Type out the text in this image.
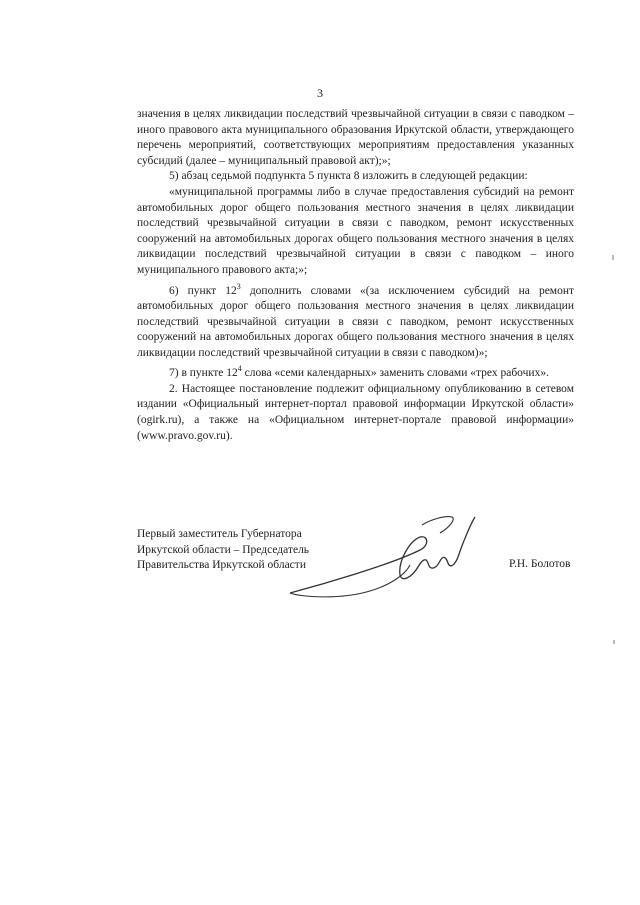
3

значения в целях ликвидации последствий чрезвычайной ситуации в связи с паводком – иного правового акта муниципального образования Иркутской области, утверждающего перечень мероприятий, соответствующих мероприятиям предоставления указанных субсидий (далее – муниципальный правовой акт);»;

5) абзац седьмой подпункта 5 пункта 8 изложить в следующей редакции:

«муниципальной программы либо в случае предоставления субсидий на ремонт автомобильных дорог общего пользования местного значения в целях ликвидации последствий чрезвычайной ситуации в связи с паводком, ремонт искусственных сооружений на автомобильных дорогах общего пользования местного значения в целях ликвидации последствий чрезвычайной ситуации в связи с паводком – иного муниципального правового акта;»;

6) пункт $12^3$ дополнить словами «(за исключением субсидий на ремонт автомобильных дорог общего пользования местного значения в целях ликвидации последствий чрезвычайной ситуации в связи с паводком, ремонт искусственных сооружений на автомобильных дорогах общего пользования местного значения в целях ликвидации последствий чрезвычайной ситуации в связи с паводком)»;

7) в пункте $12^4$ слова «семи календарных» заменить словами «трех рабочих».

2. Настоящее постановление подлежит официальному опубликованию в сетевом издании «Официальный интернет-портал правовой информации Иркутской области» (ogirk.ru), а также на «Официальном интернет-портале правовой информации» (www.pravo.gov.ru).

Первый заместитель Губернатора
Иркутской области – Председатель
Правительства Иркутской области	Р.Н. Болотов
